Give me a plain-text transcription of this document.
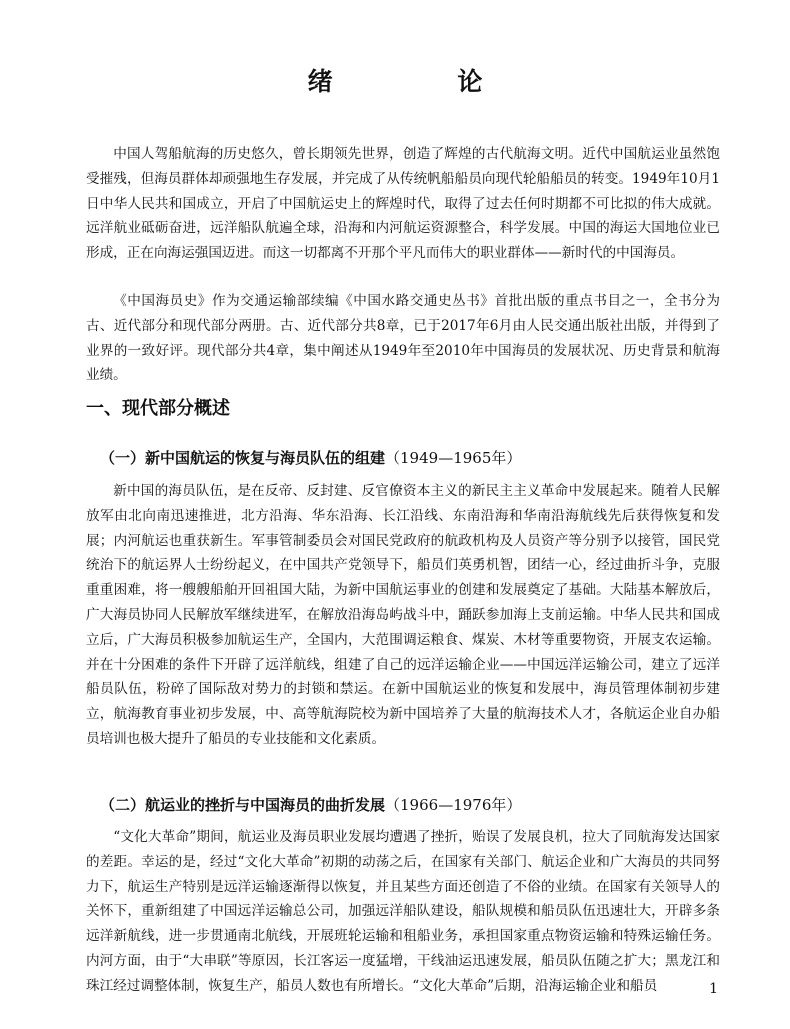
绪 论

中国人驾船航海的历史悠久，曾长期领先世界，创造了辉煌的古代航海文明。近代中国航运业虽然饱受摧残，但海员群体却顽强地生存发展，并完成了从传统帆船船员向现代轮船船员的转变。1949年10月1日中华人民共和国成立，开启了中国航运史上的辉煌时代，取得了过去任何时期都不可比拟的伟大成就。远洋航业砥砺奋进，远洋船队航遍全球，沿海和内河航运资源整合，科学发展。中国的海运大国地位业已形成，正在向海运强国迈进。而这一切都离不开那个平凡而伟大的职业群体——新时代的中国海员。

《中国海员史》作为交通运输部续编《中国水路交通史丛书》首批出版的重点书目之一，全书分为古、近代部分和现代部分两册。古、近代部分共8章，已于2017年6月由人民交通出版社出版，并得到了业界的一致好评。现代部分共4章，集中阐述从1949年至2010年中国海员的发展状况、历史背景和航海业绩。

一、现代部分概述
（一）新中国航运的恢复与海员队伍的组建（1949—1965年）

新中国的海员队伍，是在反帝、反封建、反官僚资本主义的新民主主义革命中发展起来。随着人民解放军由北向南迅速推进，北方沿海、华东沿海、长江沿线、东南沿海和华南沿海航线先后获得恢复和发展；内河航运也重获新生。军事管制委员会对国民党政府的航政机构及人员资产等分别予以接管，国民党统治下的航运界人士纷纷起义，在中国共产党领导下，船员们英勇机智，团结一心，经过曲折斗争，克服重重困难，将一艘艘船舶开回祖国大陆，为新中国航运事业的创建和发展奠定了基础。大陆基本解放后，广大海员协同人民解放军继续进军，在解放沿海岛屿战斗中，踊跃参加海上支前运输。中华人民共和国成立后，广大海员积极参加航运生产，全国内，大范围调运粮食、煤炭、木材等重要物资，开展支农运输。并在十分困难的条件下开辟了远洋航线，组建了自己的远洋运输企业——中国远洋运输公司，建立了远洋船员队伍，粉碎了国际敌对势力的封锁和禁运。在新中国航运业的恢复和发展中，海员管理体制初步建立，航海教育事业初步发展，中、高等航海院校为新中国培养了大量的航海技术人才，各航运企业自办船员培训也极大提升了船员的专业技能和文化素质。

（二）航运业的挫折与中国海员的曲折发展（1966—1976年）

“文化大革命”期间，航运业及海员职业发展均遭遇了挫折，贻误了发展良机，拉大了同航海发达国家的差距。幸运的是，经过“文化大革命”初期的动荡之后，在国家有关部门、航运企业和广大海员的共同努力下，航运生产特别是远洋运输逐渐得以恢复，并且某些方面还创造了不俗的业绩。在国家有关领导人的关怀下，重新组建了中国远洋运输总公司，加强远洋船队建设，船队规模和船员队伍迅速壮大，开辟多条远洋新航线，进一步贯通南北航线，开展班轮运输和租船业务，承担国家重点物资运输和特殊运输任务。内河方面，由于“大串联”等原因，长江客运一度猛增，干线油运迅速发展，船员队伍随之扩大；黑龙江和珠江经过调整体制，恢复生产，船员人数也有所增长。“文化大革命”后期，沿海运输企业和船员	1
